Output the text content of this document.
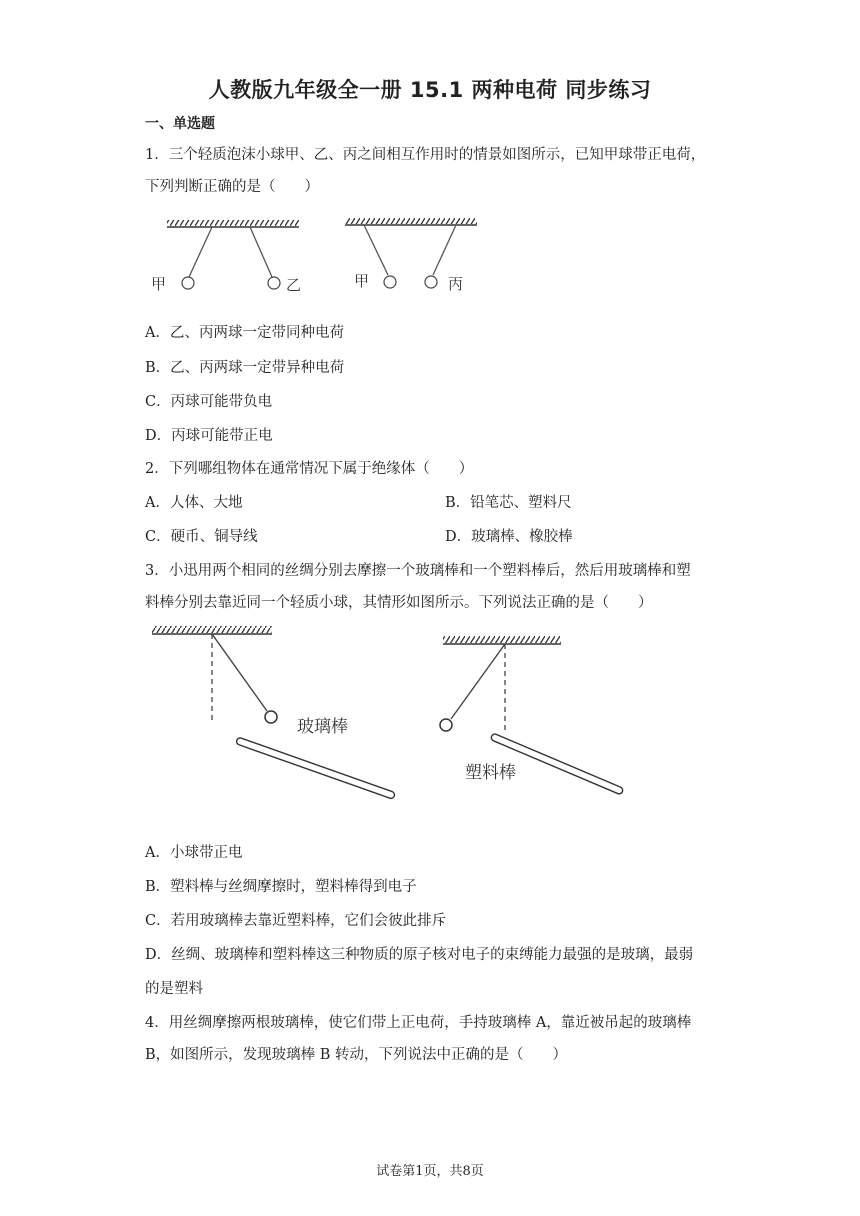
人教版九年级全一册 15.1 两种电荷 同步练习
一、单选题
1．三个轻质泡沫小球甲、乙、丙之间相互作用时的情景如图所示，已知甲球带正电荷，
下列判断正确的是（　　）
甲	乙	甲	丙
A．乙、丙两球一定带同种电荷
B．乙、丙两球一定带异种电荷
C．丙球可能带负电
D．丙球可能带正电
2．下列哪组物体在通常情况下属于绝缘体（　　）
A．人体、大地	B．铅笔芯、塑料尺
C．硬币、铜导线	D．玻璃棒、橡胶棒
3．小迅用两个相同的丝绸分别去摩擦一个玻璃棒和一个塑料棒后，然后用玻璃棒和塑
料棒分别去靠近同一个轻质小球，其情形如图所示。下列说法正确的是（　　）
玻璃棒
塑料棒
A．小球带正电
B．塑料棒与丝绸摩擦时，塑料棒得到电子
C．若用玻璃棒去靠近塑料棒，它们会彼此排斥
D．丝绸、玻璃棒和塑料棒这三种物质的原子核对电子的束缚能力最强的是玻璃，最弱
的是塑料
4．用丝绸摩擦两根玻璃棒，使它们带上正电荷，手持玻璃棒 A，靠近被吊起的玻璃棒
B，如图所示，发现玻璃棒 B 转动，下列说法中正确的是（　　）
试卷第1页，共8页
